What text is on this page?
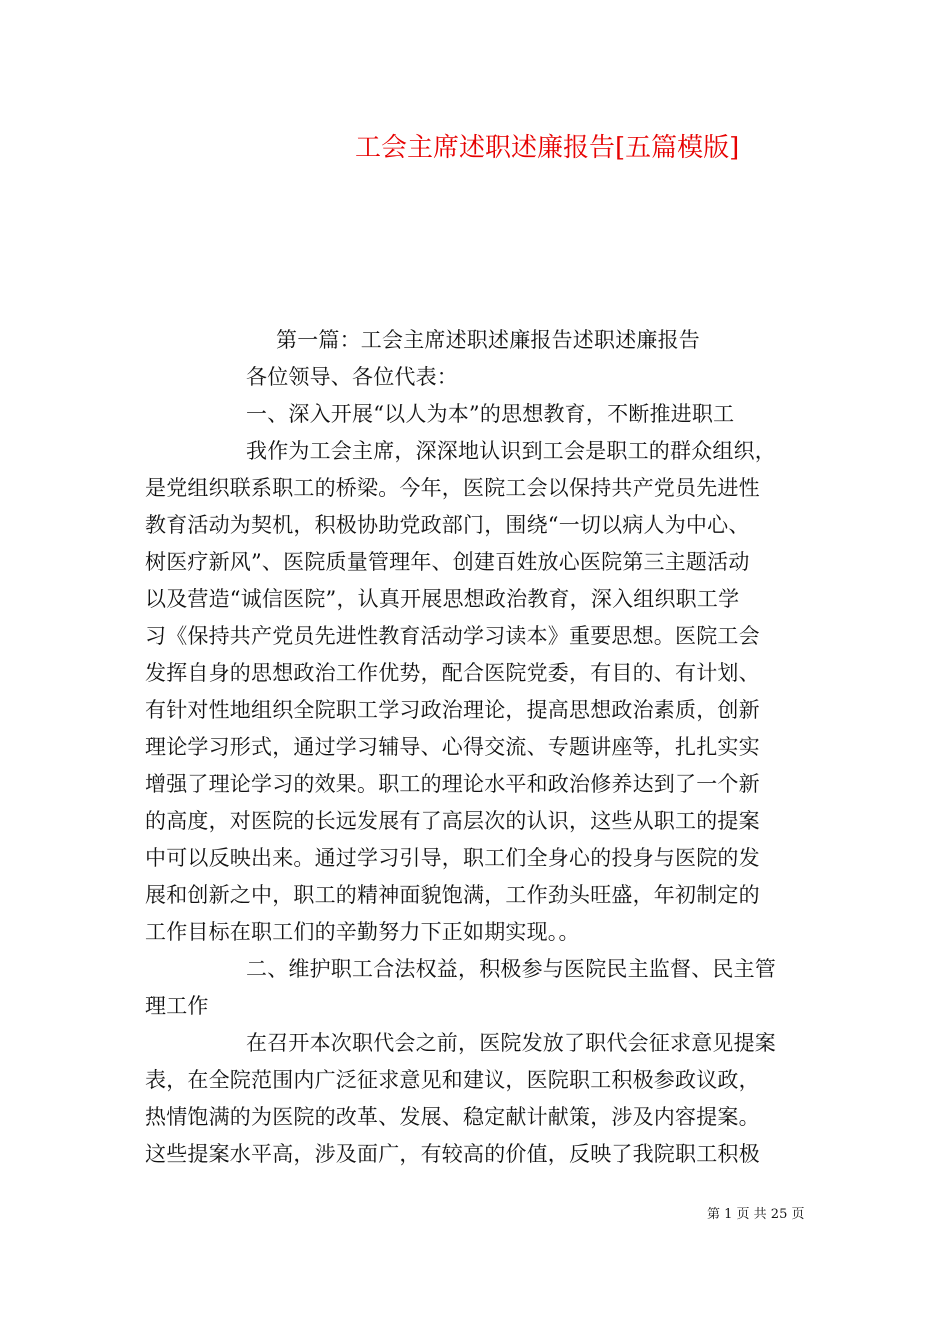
工会主席述职述廉报告[五篇模版]
第一篇：工会主席述职述廉报告述职述廉报告
各位领导、各位代表：
一、深入开展“以人为本”的思想教育，不断推进职工
我作为工会主席，深深地认识到工会是职工的群众组织，
是党组织联系职工的桥梁。今年，医院工会以保持共产党员先进性
教育活动为契机，积极协助党政部门，围绕“一切以病人为中心、
树医疗新风”、医院质量管理年、创建百姓放心医院第三主题活动
以及营造“诚信医院”，认真开展思想政治教育，深入组织职工学
习《保持共产党员先进性教育活动学习读本》重要思想。医院工会
发挥自身的思想政治工作优势，配合医院党委，有目的、有计划、
有针对性地组织全院职工学习政治理论，提高思想政治素质，创新
理论学习形式，通过学习辅导、心得交流、专题讲座等，扎扎实实
增强了理论学习的效果。职工的理论水平和政治修养达到了一个新
的高度，对医院的长远发展有了高层次的认识，这些从职工的提案
中可以反映出来。通过学习引导，职工们全身心的投身与医院的发
展和创新之中，职工的精神面貌饱满，工作劲头旺盛，年初制定的
工作目标在职工们的辛勤努力下正如期实现。。
二、维护职工合法权益，积极参与医院民主监督、民主管
理工作
在召开本次职代会之前，医院发放了职代会征求意见提案
表，在全院范围内广泛征求意见和建议，医院职工积极参政议政，
热情饱满的为医院的改革、发展、稳定献计献策，涉及内容提案。
这些提案水平高，涉及面广，有较高的价值，反映了我院职工积极
第 1 页 共 25 页
